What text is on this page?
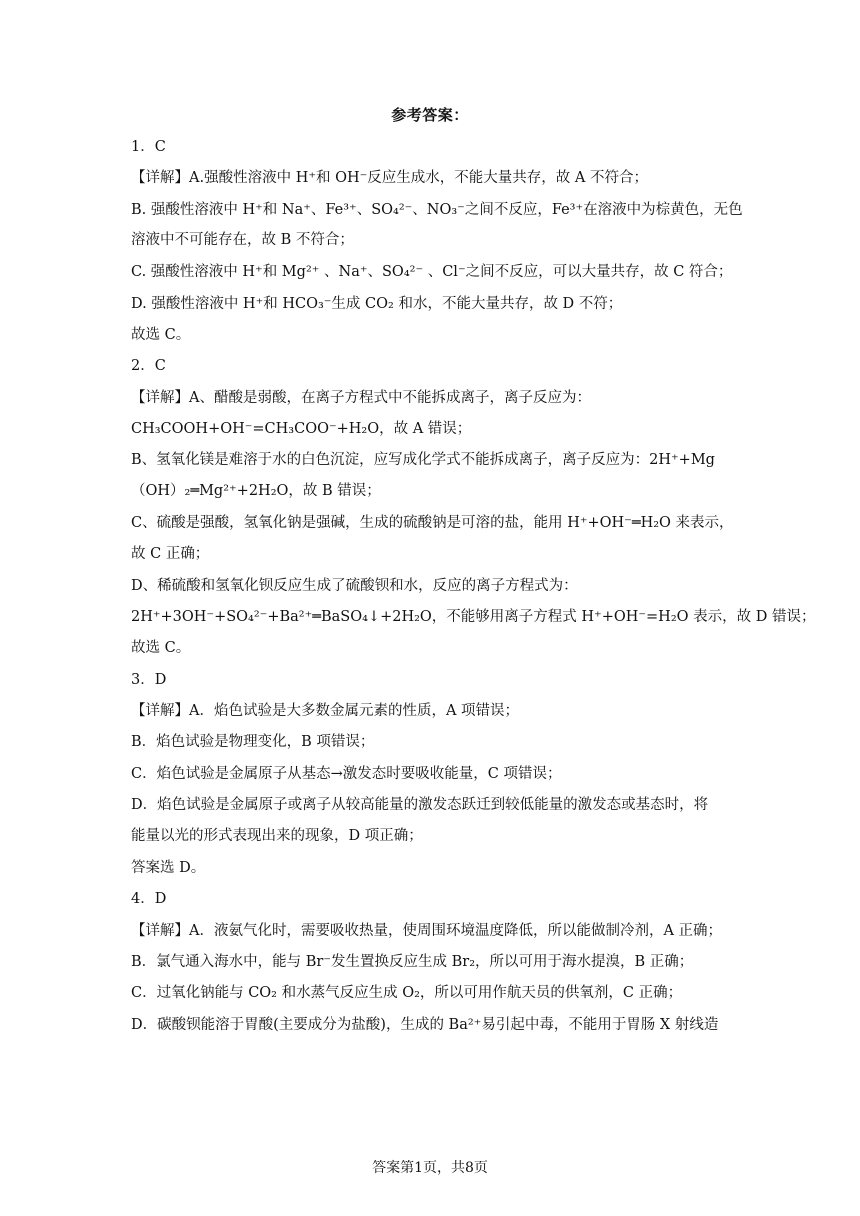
参考答案：
1．C
【详解】A.强酸性溶液中 H⁺和 OH⁻反应生成水，不能大量共存，故 A 不符合；
B. 强酸性溶液中 H⁺和 Na⁺、Fe³⁺、SO₄²⁻、NO₃⁻之间不反应，Fe³⁺在溶液中为棕黄色，无色
溶液中不可能存在，故 B 不符合；
C. 强酸性溶液中 H⁺和 Mg²⁺ 、Na⁺、SO₄²⁻ 、Cl⁻之间不反应，可以大量共存，故 C 符合；
D. 强酸性溶液中 H⁺和 HCO₃⁻生成 CO₂ 和水，不能大量共存，故 D 不符；
故选 C。
2．C
【详解】A、醋酸是弱酸，在离子方程式中不能拆成离子，离子反应为：
CH₃COOH+OH⁻=CH₃COO⁻+H₂O，故 A 错误；
B、氢氧化镁是难溶于水的白色沉淀，应写成化学式不能拆成离子，离子反应为：2H⁺+Mg
（OH）₂═Mg²⁺+2H₂O，故 B 错误；
C、硫酸是强酸，氢氧化钠是强碱，生成的硫酸钠是可溶的盐，能用 H⁺+OH⁻═H₂O 来表示，
故 C 正确；
D、稀硫酸和氢氧化钡反应生成了硫酸钡和水，反应的离子方程式为：
2H⁺+3OH⁻+SO₄²⁻+Ba²⁺═BaSO₄↓+2H₂O，不能够用离子方程式 H⁺+OH⁻=H₂O 表示，故 D 错误；
故选 C。
3．D
【详解】A．焰色试验是大多数金属元素的性质，A 项错误；
B．焰色试验是物理变化，B 项错误；
C．焰色试验是金属原子从基态→激发态时要吸收能量，C 项错误；
D．焰色试验是金属原子或离子从较高能量的激发态跃迁到较低能量的激发态或基态时，将
能量以光的形式表现出来的现象，D 项正确；
答案选 D。
4．D
【详解】A．液氨气化时，需要吸收热量，使周围环境温度降低，所以能做制冷剂，A 正确；
B．氯气通入海水中，能与 Br⁻发生置换反应生成 Br₂，所以可用于海水提溴，B 正确；
C．过氧化钠能与 CO₂ 和水蒸气反应生成 O₂，所以可用作航天员的供氧剂，C 正确；
D．碳酸钡能溶于胃酸(主要成分为盐酸)，生成的 Ba²⁺易引起中毒，不能用于胃肠 X 射线造
答案第1页，共8页
